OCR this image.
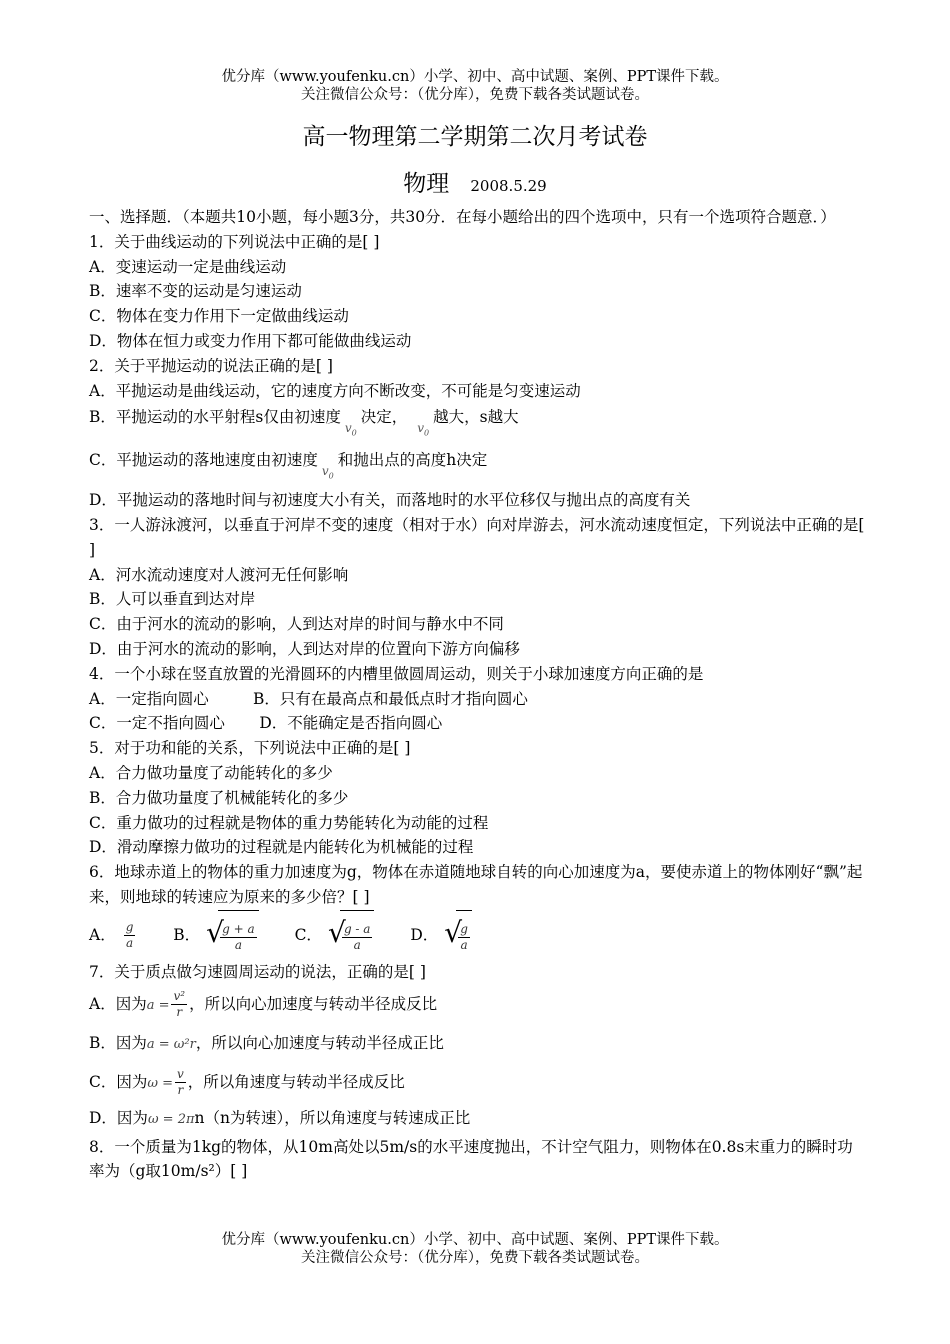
优分库（www.youfenku.cn）小学、初中、高中试题、案例、PPT课件下载。
关注微信公众号：（优分库），免费下载各类试题试卷。
高一物理第二学期第二次月考试卷
物理 2008.5.29

一、选择题．（本题共10小题，每小题3分，共30分．在每小题给出的四个选项中，只有一个选项符合题意．）

1．关于曲线运动的下列说法中正确的是[ ]

A．变速运动一定是曲线运动

B．速率不变的运动是匀速运动

C．物体在变力作用下一定做曲线运动

D．物体在恒力或变力作用下都可能做曲线运动

2．关于平抛运动的说法正确的是[ ]

A．平抛运动是曲线运动，它的速度方向不断改变，不可能是匀变速运动

B．平抛运动的水平射程s仅由初速度$_{v_0}$决定，$_{v_0}$越大，s越大

C．平抛运动的落地速度由初速度$_{v_0}$和抛出点的高度h决定

D．平抛运动的落地时间与初速度大小有关，而落地时的水平位移仅与抛出点的高度有关

3．一人游泳渡河，以垂直于河岸不变的速度（相对于水）向对岸游去，河水流动速度恒定，下列说法中正确的是[ ]

A．河水流动速度对人渡河无任何影响

B．人可以垂直到达对岸

C．由于河水的流动的影响，人到达对岸的时间与静水中不同

D．由于河水的流动的影响，人到达对岸的位置向下游方向偏移

4．一个小球在竖直放置的光滑圆环的内槽里做圆周运动，则关于小球加速度方向正确的是

A．一定指向圆心         B．只有在最高点和最低点时才指向圆心

C．一定不指向圆心       D．不能确定是否指向圆心

5．对于功和能的关系，下列说法中正确的是[ ]

A．合力做功量度了动能转化的多少

B．合力做功量度了机械能转化的多少

C．重力做功的过程就是物体的重力势能转化为动能的过程

D．滑动摩擦力做功的过程就是内能转化为机械能的过程

6．地球赤道上的物体的重力加速度为g，物体在赤道随地球自转的向心加速度为a，要使赤道上的物体刚好“飘”起来，则地球的转速应为原来的多少倍？[ ]

A． $\frac{g}{a}$ B． √
$\frac{g + a}{a}$ C． √
$\frac{g - a}{a}$ D． √
$\frac{g}{a}$

7．关于质点做匀速圆周运动的说法，正确的是[ ]

A．因为$a = \frac{\text{v²}}{r}$ ，所以向心加速度与转动半径成反比

B．因为a = ω²r，所以向心加速度与转动半径成正比

C．因为$\omega = \frac{v}{r}$ ，所以角速度与转动半径成反比

D．因为ω = 2πn（n为转速），所以角速度与转速成正比

8．一个质量为1kg的物体，从10m高处以5m/s的水平速度抛出，不计空气阻力，则物体在0.8s末重力的瞬时功率为（g取10m/s²）[ ]

优分库（www.youfenku.cn）小学、初中、高中试题、案例、PPT课件下载。
关注微信公众号：（优分库），免费下载各类试题试卷。
